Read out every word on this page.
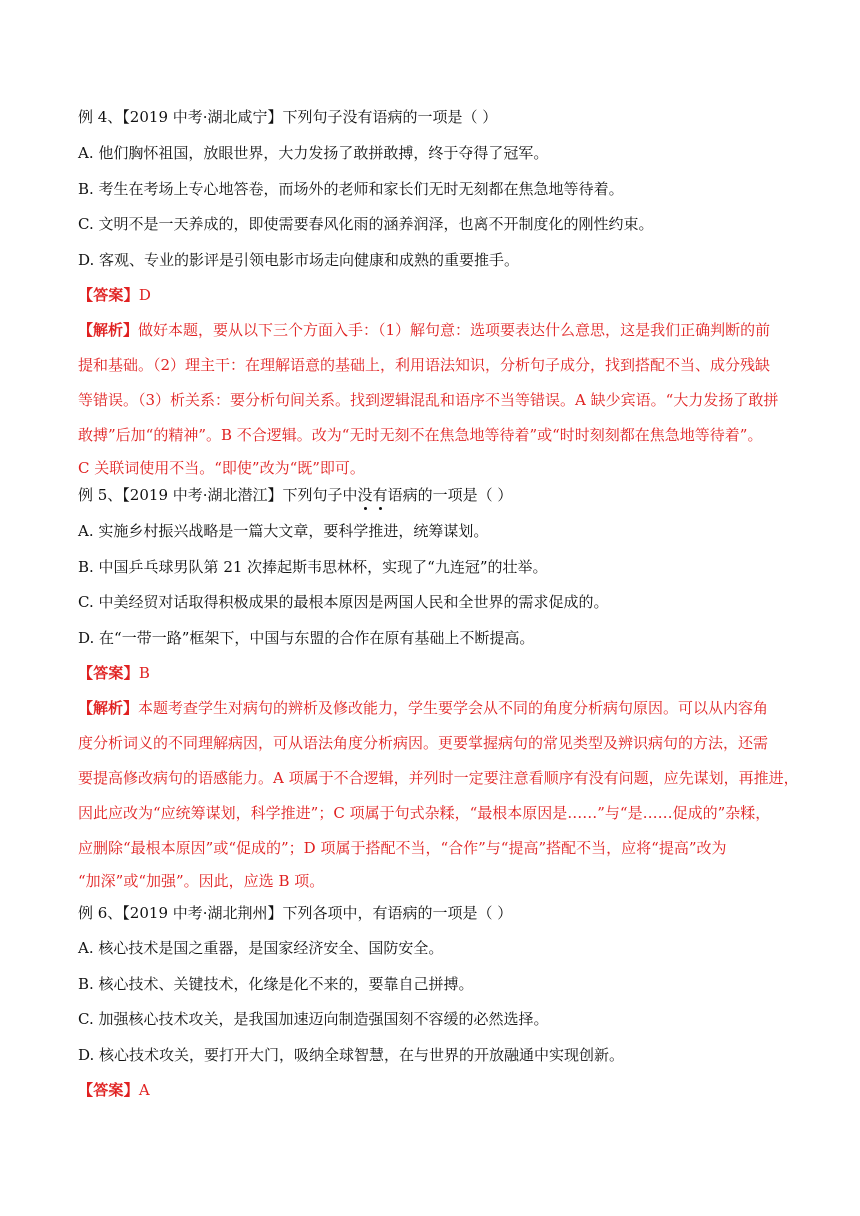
例 4、【2019 中考·湖北咸宁】下列句子没有语病的一项是（ ）
A. 他们胸怀祖国，放眼世界，大力发扬了敢拼敢搏，终于夺得了冠军。
B. 考生在考场上专心地答卷，而场外的老师和家长们无时无刻都在焦急地等待着。
C. 文明不是一天养成的，即使需要春风化雨的涵养润泽，也离不开制度化的刚性约束。
D. 客观、专业的影评是引领电影市场走向健康和成熟的重要推手。
【答案】D
【解析】做好本题，要从以下三个方面入手：（1）解句意：选项要表达什么意思，这是我们正确判断的前
提和基础。（2）理主干：在理解语意的基础上，利用语法知识，分析句子成分，找到搭配不当、成分残缺
等错误。（3）析关系：要分析句间关系。找到逻辑混乱和语序不当等错误。A 缺少宾语。“大力发扬了敢拼
敢搏”后加“的精神”。B 不合逻辑。改为“无时无刻不在焦急地等待着”或“时时刻刻都在焦急地等待着”。
C 关联词使用不当。“即使”改为“既”即可。
例 5、【2019 中考·湖北潜江】下列句子中没有语病的一项是（ ）
A. 实施乡村振兴战略是一篇大文章，要科学推进，统筹谋划。
B. 中国乒乓球男队第 21 次捧起斯韦思林杯，实现了“九连冠”的壮举。
C. 中美经贸对话取得积极成果的最根本原因是两国人民和全世界的需求促成的。
D. 在“一带一路”框架下，中国与东盟的合作在原有基础上不断提高。
【答案】B
【解析】本题考查学生对病句的辨析及修改能力，学生要学会从不同的角度分析病句原因。可以从内容角
度分析词义的不同理解病因，可从语法角度分析病因。更要掌握病句的常见类型及辨识病句的方法，还需
要提高修改病句的语感能力。A 项属于不合逻辑，并列时一定要注意看顺序有没有问题，应先谋划，再推进，
因此应改为“应统筹谋划，科学推进”；C 项属于句式杂糅，“最根本原因是……”与“是……促成的”杂糅，
应删除“最根本原因”或“促成的”；D 项属于搭配不当，“合作”与“提高”搭配不当，应将“提高”改为
“加深”或“加强”。因此，应选 B 项。
例 6、【2019 中考·湖北荆州】下列各项中，有语病的一项是（ ）
A. 核心技术是国之重器，是国家经济安全、国防安全。
B. 核心技术、关键技术，化缘是化不来的，要靠自己拼搏。
C. 加强核心技术攻关，是我国加速迈向制造强国刻不容缓的必然选择。
D. 核心技术攻关，要打开大门，吸纳全球智慧，在与世界的开放融通中实现创新。
【答案】A
